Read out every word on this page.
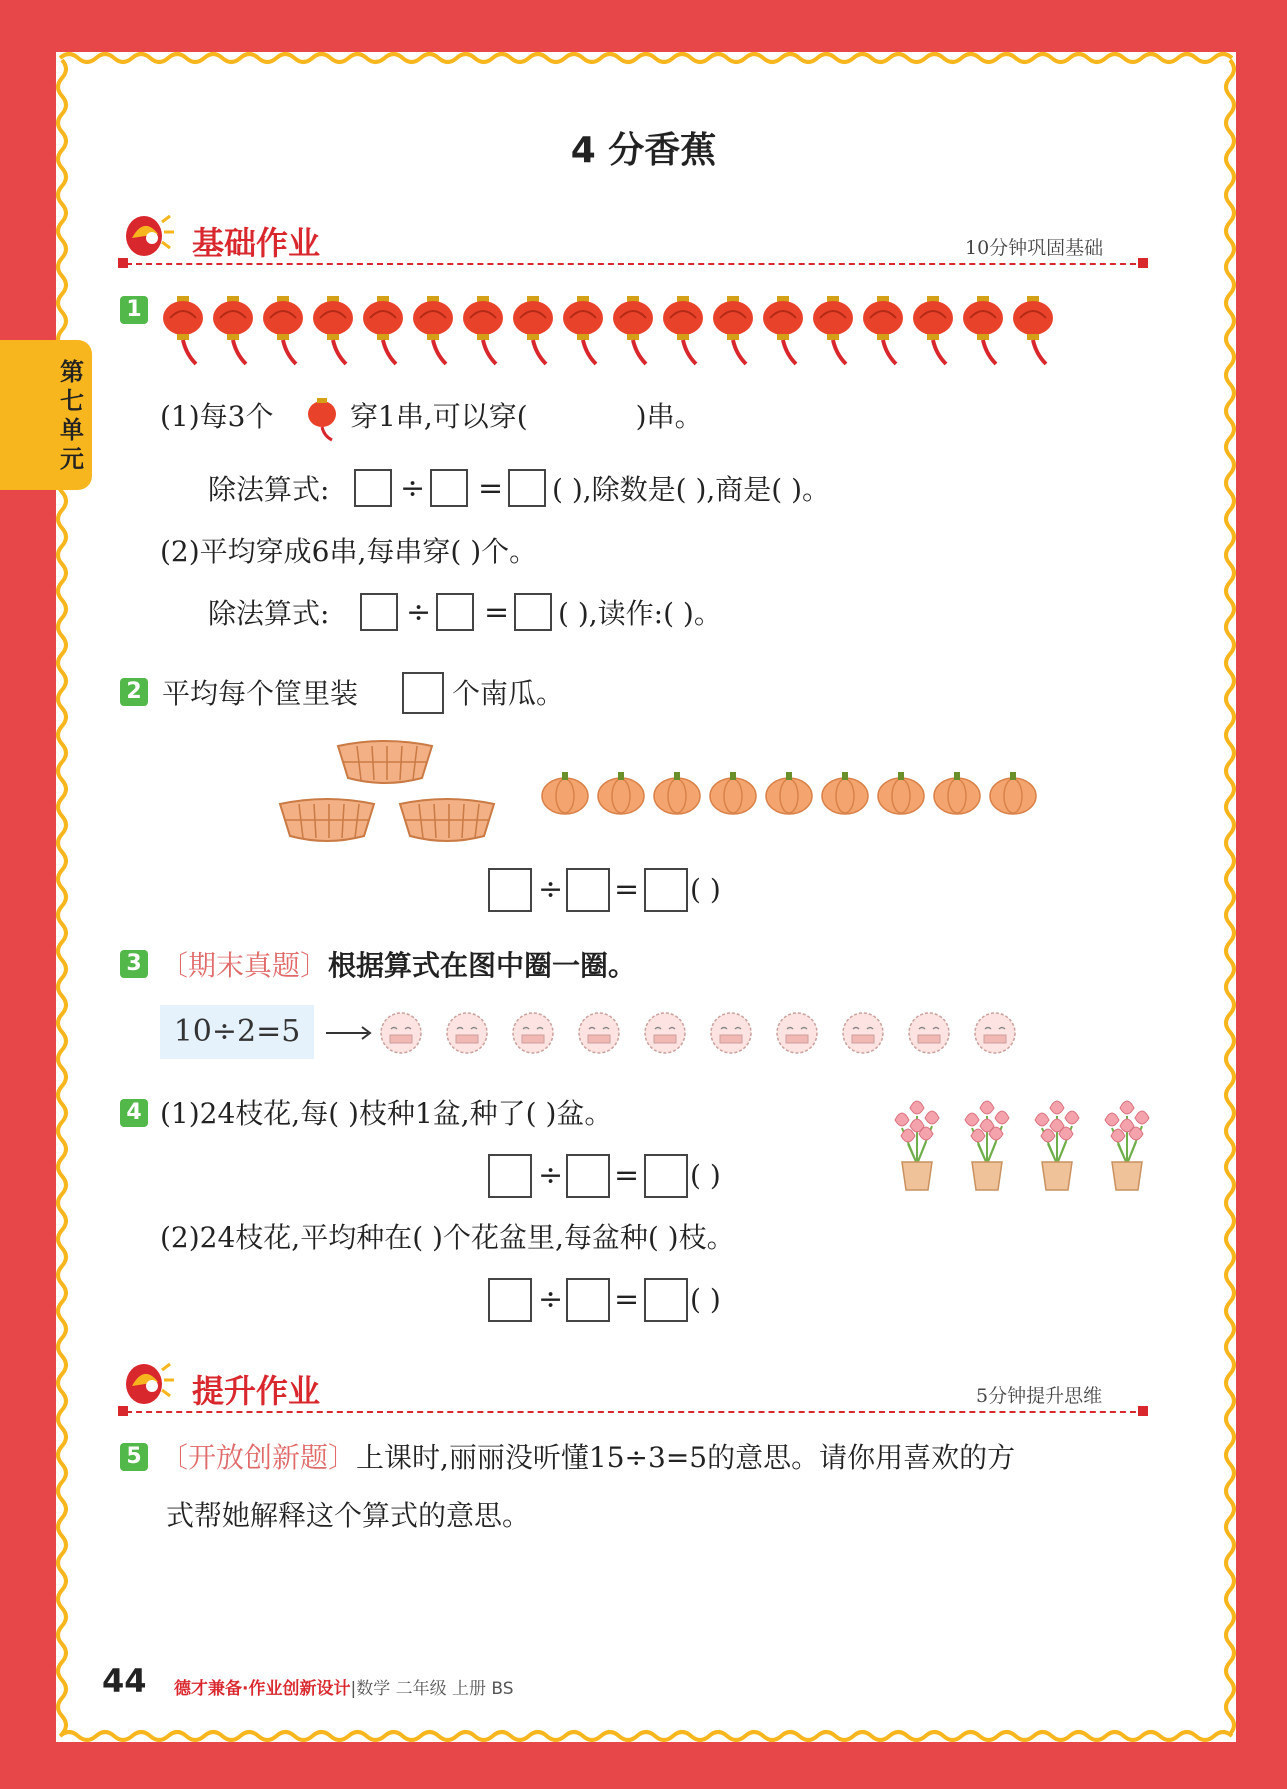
第七单元
4 分香蕉
基础作业	10分钟巩固基础
1
(1)每3个	穿1串,可以穿(	)串。
除法算式: ÷ = ( ),除数是( ),商是( )。
(2)平均穿成6串,每串穿( )个。
除法算式:	÷ = ( ),读作:( )。
2 平均每个筐里装	个南瓜。
÷ = ( )
3 〔期末真题〕根据算式在图中圈一圈。
10÷2=5
4 (1)24枝花,每( )枝种1盆,种了( )盆。
÷ = ( )
(2)24枝花,平均种在( )个花盆里,每盆种( )枝。
÷ = ( )
提升作业	5分钟提升思维
5 〔开放创新题〕上课时,丽丽没听懂15÷3=5的意思。请你用喜欢的方
式帮她解释这个算式的意思。
44 德才兼备·作业创新设计|数学 二年级 上册 BS
